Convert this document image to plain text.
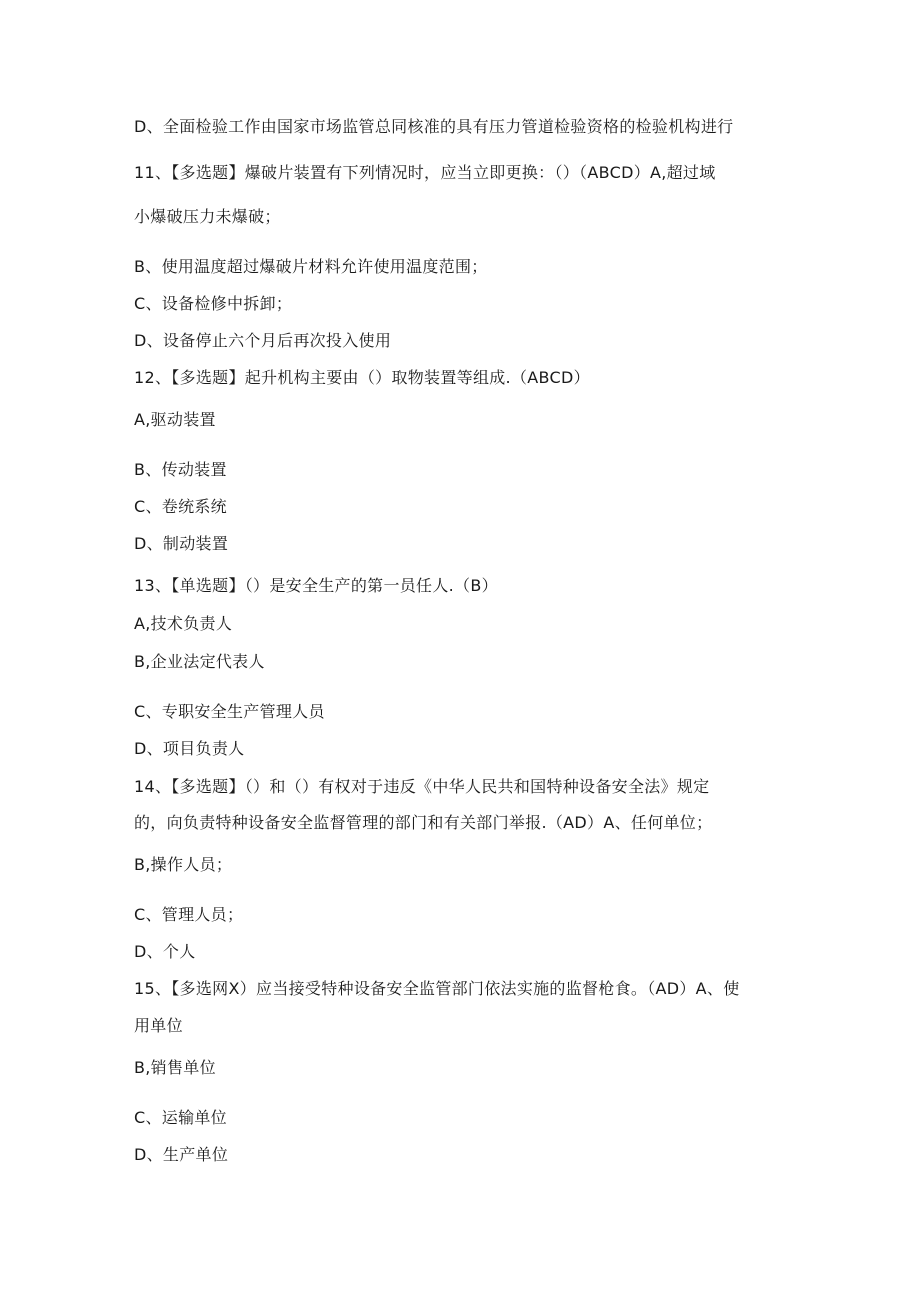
D、全面检验工作由国家市场监管总同核准的具有压力管道检验资格的检验机构进行
11、【多选题】爆破片装置有下列情况时，应当立即更换：（）（ABCD）A,超过域
小爆破压力未爆破；
B、使用温度超过爆破片材料允许使用温度范围；
C、设备检修中拆卸；
D、设备停止六个月后再次投入使用
12、【多选题】起升机构主要由（）取物装置等组成.（ABCD）
A,驱动装置
B、传动装置
C、卷统系统
D、制动装置
13、【单选题】（）是安全生产的第一员任人.（B）
A,技术负责人
B,企业法定代表人
C、专职安全生产管理人员
D、项目负责人
14、【多选题】（）和（）有权对于违反《中华人民共和国特种设备安全法》规定
的，向负责特种设备安全监督管理的部门和有关部门举报.（AD）A、任何单位；
B,操作人员；
C、管理人员；
D、个人
15、【多选网X）应当接受特种设备安全监管部门依法实施的监督枪食。（AD）A、使
用单位
B,销售单位
C、运输单位
D、生产单位
